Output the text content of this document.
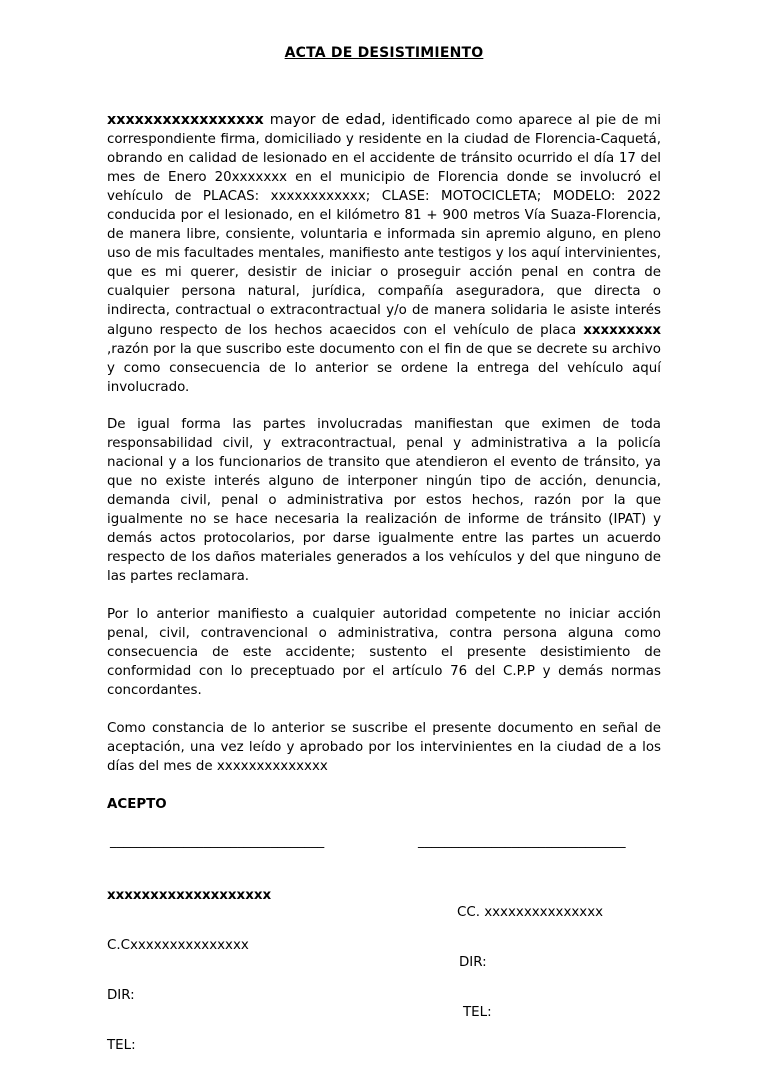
ACTA DE DESISTIMIENTO

xxxxxxxxxxxxxxxxx mayor de edad, identificado como aparece al pie de mi correspondiente firma, domiciliado y residente en la ciudad de Florencia-Caquetá, obrando en calidad de lesionado en el accidente de tránsito ocurrido el día 17 del mes de Enero 20xxxxxxx en el municipio de Florencia donde se involucró el vehículo de PLACAS: xxxxxxxxxxxx; CLASE: MOTOCICLETA; MODELO: 2022 conducida por el lesionado, en el kilómetro 81 + 900 metros Vía Suaza-Florencia, de manera libre, consiente, voluntaria e informada sin apremio alguno, en pleno uso de mis facultades mentales, manifiesto ante testigos y los aquí intervinientes, que es mi querer, desistir de iniciar o proseguir acción penal en contra de cualquier persona natural, jurídica, compañía aseguradora, que directa o indirecta, contractual o extracontractual y/o de manera solidaria le asiste interés alguno respecto de los hechos acaecidos con el vehículo de placa xxxxxxxxx ,razón por la que suscribo este documento con el fin de que se decrete su archivo y como consecuencia de lo anterior se ordene la entrega del vehículo aquí involucrado.

De igual forma las partes involucradas manifiestan que eximen de toda responsabilidad civil, y extracontractual, penal y administrativa a la policía nacional y a los funcionarios de transito que atendieron el evento de tránsito, ya que no existe interés alguno de interponer ningún tipo de acción, denuncia, demanda civil, penal o administrativa por estos hechos, razón por la que igualmente no se hace necesaria la realización de informe de tránsito (IPAT) y demás actos protocolarios, por darse igualmente entre las partes un acuerdo respecto de los daños materiales generados a los vehículos y del que ninguno de las partes reclamara.

Por lo anterior manifiesto a cualquier autoridad competente no iniciar acción penal, civil, contravencional o administrativa, contra persona alguna como consecuencia de este accidente; sustento el presente desistimiento de conformidad con lo preceptuado por el artículo 76 del C.P.P y demás normas concordantes.

Como constancia de lo anterior se suscribe el presente documento en señal de aceptación, una vez leído y aprobado por los intervinientes en la ciudad de a los días del mes de xxxxxxxxxxxxxx

ACEPTO
________________________________	_______________________________

xxxxxxxxxxxxxxxxxxx

C.Cxxxxxxxxxxxxxxx

DIR:

TEL:

CC. xxxxxxxxxxxxxxx

DIR:

TEL:
